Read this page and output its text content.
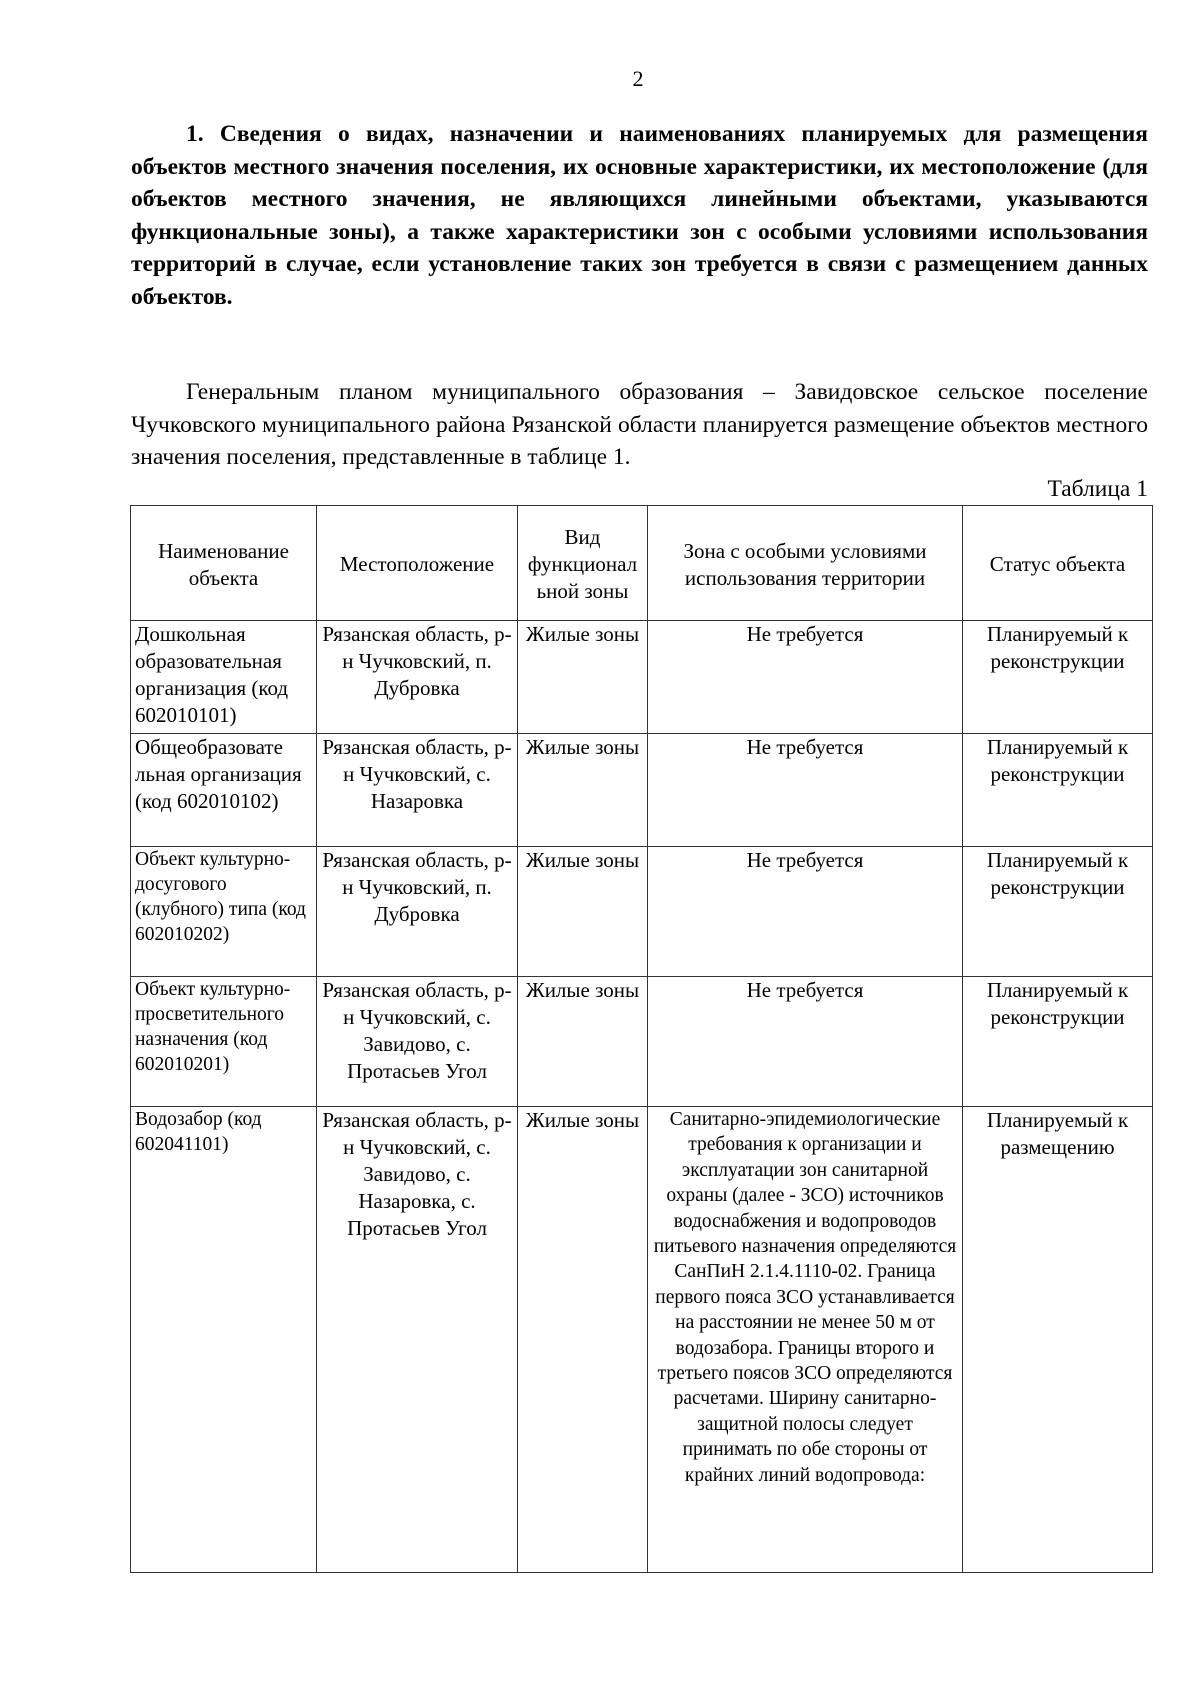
2

1. Сведения о видах, назначении и наименованиях планируемых для размещения объектов местного значения поселения, их основные характеристики, их местоположение (для объектов местного значения, не являющихся линейными объектами, указываются функциональные зоны), а также характеристики зон с особыми условиями использования территорий в случае, если установление таких зон требуется в связи с размещением данных объектов.

Генеральным планом муниципального образования – Завидовское сельское поселение Чучковского муниципального района Рязанской области планируется размещение объектов местного значения поселения, представленные в таблице 1.

Таблица 1
Наименование объекта	Местоположение	Вид функционал ьной зоны	Зона с особыми условиями использования территории	Статус объекта
Дошкольная образовательная организация (код 602010101)	Рязанская область, р-н Чучковский, п. Дубровка	Жилые зоны	Не требуется	Планируемый к реконструкции
Общеобразовате льная организация (код 602010102)	Рязанская область, р-н Чучковский, с. Назаровка	Жилые зоны	Не требуется	Планируемый к реконструкции
Объект культурно-досугового (клубного) типа (код 602010202)	Рязанская область, р-н Чучковский, п. Дубровка	Жилые зоны	Не требуется	Планируемый к реконструкции
Объект культурно-просветительного назначения (код 602010201)	Рязанская область, р-н Чучковский, с. Завидово, с. Протасьев Угол	Жилые зоны	Не требуется	Планируемый к реконструкции
Водозабор (код 602041101)	Рязанская область, р-н Чучковский, с. Завидово, с. Назаровка, с. Протасьев Угол	Жилые зоны	Санитарно-эпидемиологические требования к организации и эксплуатации зон санитарной охраны (далее - ЗСО) источников водоснабжения и водопроводов питьевого назначения определяются СанПиН 2.1.4.1110-02. Граница первого пояса ЗСО устанавливается на расстоянии не менее 50 м от водозабора. Границы второго и третьего поясов ЗСО определяются расчетами. Ширину санитарно-защитной полосы следует принимать по обе стороны от крайних линий водопровода:	Планируемый к размещению
